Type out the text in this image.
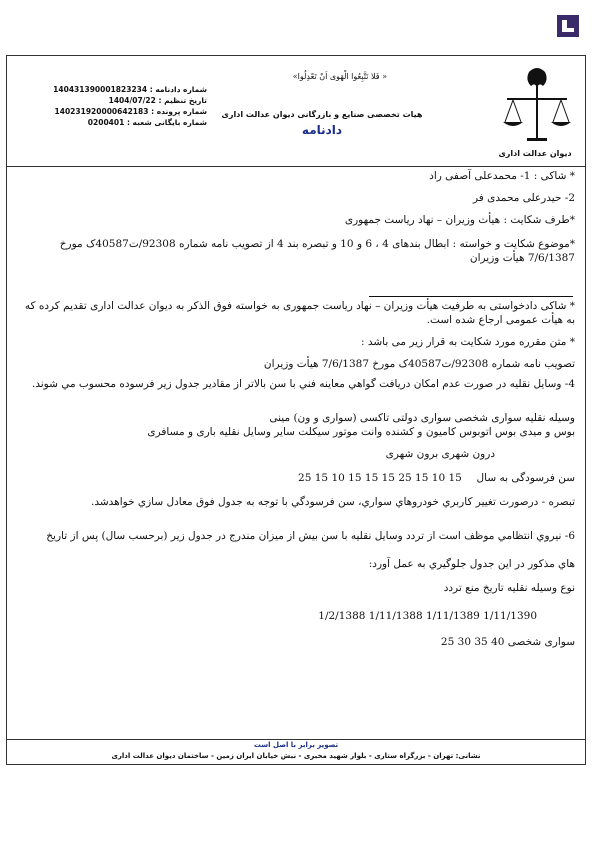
دیوان عدالت اداری
«فَلا تَتَّبِعُوا الْهَوى اَنْ تَعْدِلُوا »
هیات تخصصی صنایع و بازرگانی دیوان عدالت اداری
دادنامه
شماره دادنامه : 140431390001823234
تاریخ تنظیم : 1404/07/22
شماره پرونده : 140231920000642183
شماره بایگانی شعبه : 0200401

* شاکی : 1- محمدعلی آصفی راد

2- حیدرعلی محمدی فر

*طرف شکایت : هیأت وزیران – نهاد ریاست جمهوری

*موضوع شکایت و خواسته : ابطال بندهای 4 ، 6 و 10 و تبصره بند 4 از تصویب نامه شماره 92308/ت40587ک مورخ 7/6/1387 هیأت وزیران

* شاکی دادخواستی به طرفیت هیأت وزیران – نهاد ریاست جمهوری به خواسته فوق الذکر به دیوان عدالت اداری تقدیم کرده که به هیأت عمومی ارجاع شده است.

* متن مقرره مورد شکایت به قرار زیر می باشد :

تصویب نامه شماره 92308/ت40587ک مورخ 7/6/1387 هیأت وزیران

4- وسايل نقليه در صورت عدم امكان دريافت گواهي معاينه فني با سن بالاتر از مقادير جدول زير فرسوده محسوب مي شوند.

وسیله نقلیه سواری شخصی سواری دولتی تاکسی (سواری و ون) مینی

بوس و میدی بوس اتوبوس کامیون و کشنده وانت موتور سیکلت سایر وسایل نقلیه باری و مسافری

درون شهری برون شهری

سن فرسودگی به سال  15 10 15 25 15 15 15 10 15 25

تبصره - درصورت تغيير كاربري خودروهاي سواري، سن فرسودگي با توجه به جدول فوق معادل سازي خواهدشد.

6- نيروي انتظامي موظف است از تردد وسايل نقليه با سن بيش از ميزان مندرج در جدول زير (برحسب سال) پس از تاريخ

هاي مذكور در اين جدول جلوگيري به عمل آورد:

نوع وسیله نقلیه تاریخ منع تردد

1/11/1390 1/11/1389 1/11/1388 1/2/1388

سواری شخصی 40 35 30 25

تصویر برابر با اصل است
نشانی: تهران - بزرگراه ستاری - بلوار شهید مخبری - نبش خیابان ایران زمین - ساختمان دیوان عدالت اداری
